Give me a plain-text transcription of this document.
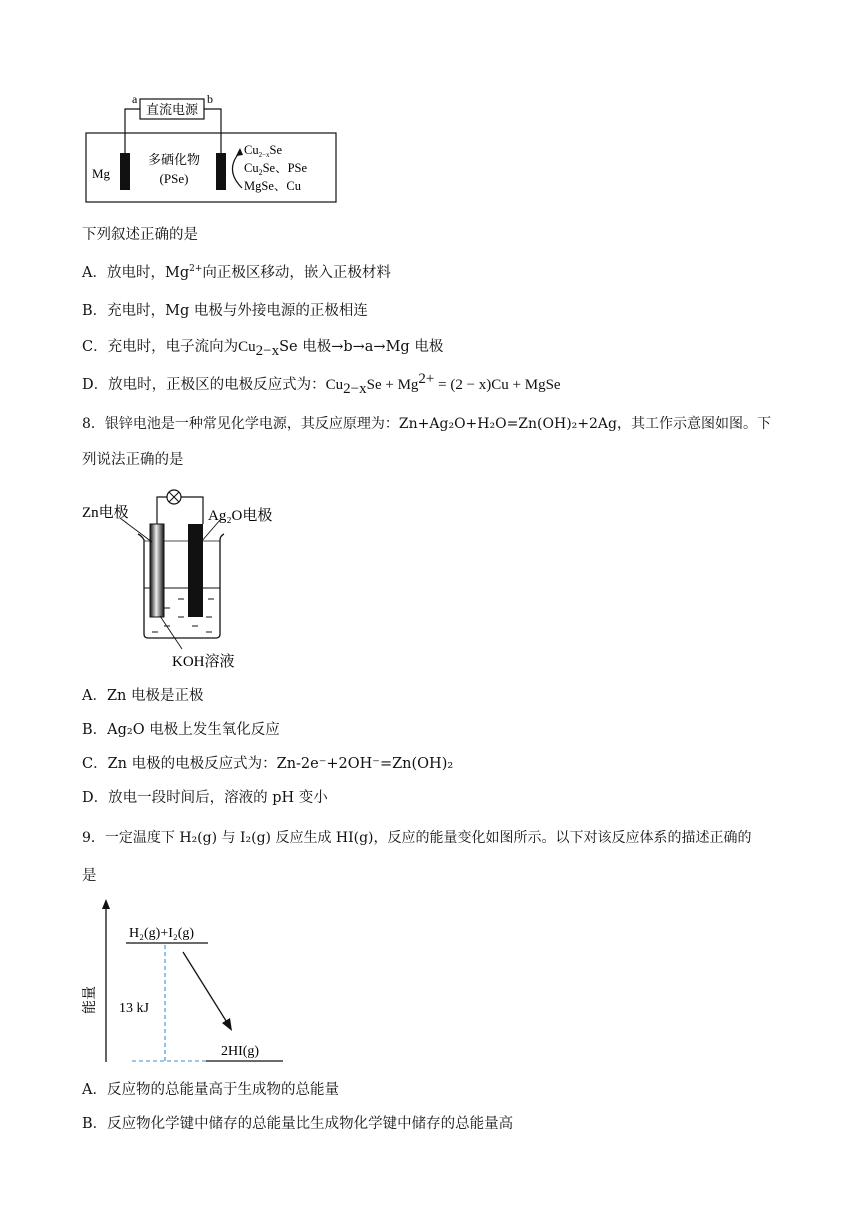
直流电源
a	b
Mg
多硒化物
(PSe)
$Cu_{2-x}Se$
$Cu_2Se$、PSe
MgSe、Cu
下列叙述正确的是
A．放电时，$Mg^{2+}$向正极区移动，嵌入正极材料
B．充电时，Mg 电极与外接电源的正极相连
C．充电时，电子流向为$Cu_{2-x}Se$ 电极→b→a→Mg 电极
D．放电时，正极区的电极反应式为：$Cu_{2-x}Se + Mg^{2+} = (2 - x)Cu$ + MgSe
8．银锌电池是一种常见化学电源，其反应原理为：Zn+Ag₂O+H₂O=Zn(OH)₂+2Ag，其工作示意图如图。下
列说法正确的是
Zn电极	Ag₂O电极
KOH溶液
A．Zn 电极是正极
B．Ag₂O 电极上发生氧化反应
C．Zn 电极的电极反应式为：Zn-2e⁻+2OH⁻=Zn(OH)₂
D．放电一段时间后，溶液的 pH 变小
9．一定温度下 H₂(g) 与 I₂(g) 反应生成 HI(g)，反应的能量变化如图所示。以下对该反应体系的描述正确的
是
能量
H₂(g)+I₂(g)
2HI(g)
13 kJ
A．反应物的总能量高于生成物的总能量
B．反应物化学键中储存的总能量比生成物化学键中储存的总能量高
